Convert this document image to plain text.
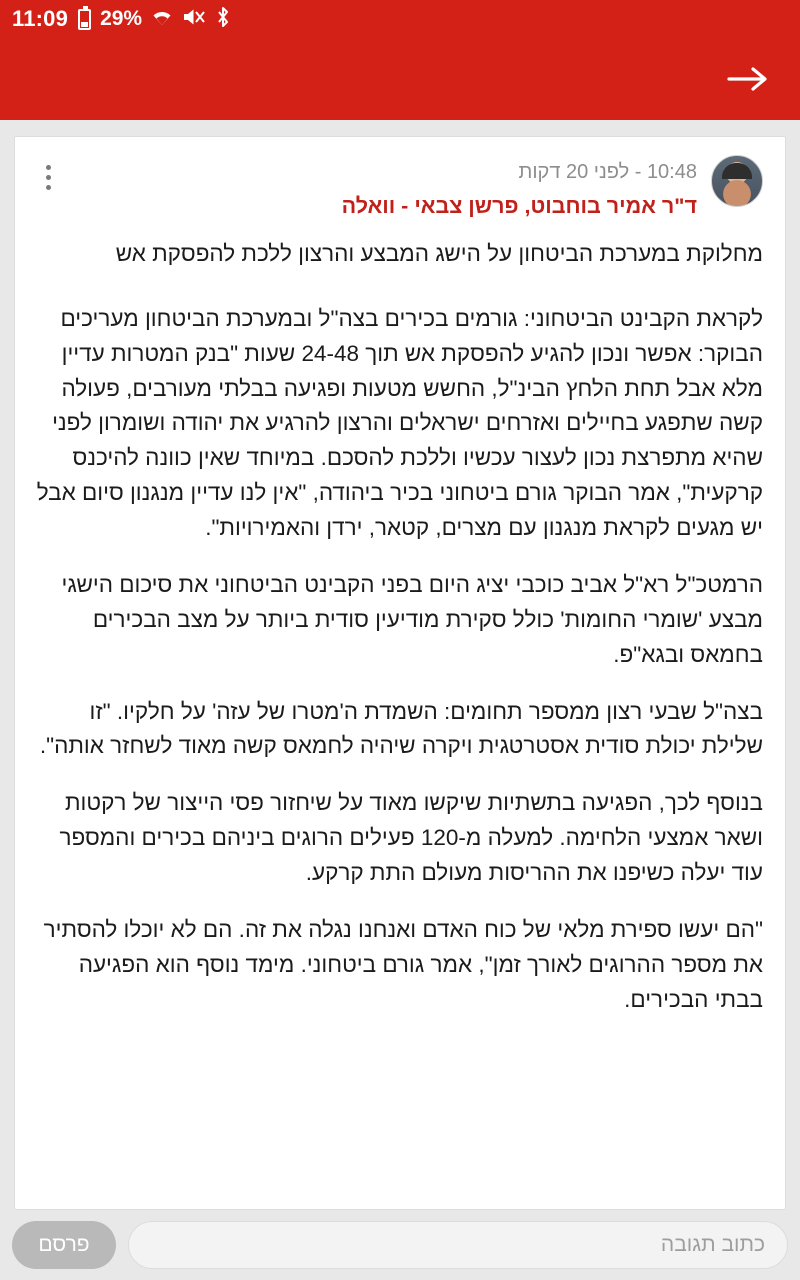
11:09 29%
10:48 - לפני 20 דקות
ד"ר אמיר בוחבוט, פרשן צבאי - וואלה

מחלוקת במערכת הביטחון על הישג המבצע והרצון ללכת להפסקת אש

לקראת הקבינט הביטחוני: גורמים בכירים בצה"ל ובמערכת הביטחון מעריכים הבוקר: אפשר ונכון להגיע להפסקת אש תוך 24-48 שעות "בנק המטרות עדיין מלא אבל תחת הלחץ הבינ"ל, החשש מטעות ופגיעה בבלתי מעורבים, פעולה קשה שתפגע בחיילים ואזרחים ישראלים והרצון להרגיע את יהודה ושומרון לפני שהיא מתפרצת נכון לעצור עכשיו וללכת להסכם. במיוחד שאין כוונה להיכנס קרקעית", אמר הבוקר גורם ביטחוני בכיר ביהודה, "אין לנו עדיין מנגנון סיום אבל יש מגעים לקראת מנגנון עם מצרים, קטאר, ירדן והאמירויות".

הרמטכ"ל רא"ל אביב כוכבי יציג היום בפני הקבינט הביטחוני את סיכום הישגי מבצע 'שומרי החומות' כולל סקירת מודיעין סודית ביותר על מצב הבכירים בחמאס ובגא"פ.

בצה"ל שבעי רצון ממספר תחומים: השמדת ה'מטרו של עזה' על חלקיו. "זו שלילת יכולת סודית אסטרטגית ויקרה שיהיה לחמאס קשה מאוד לשחזר אותה".

בנוסף לכך, הפגיעה בתשתיות שיקשו מאוד על שיחזור פסי הייצור של רקטות ושאר אמצעי הלחימה. למעלה מ-120 פעילים הרוגים ביניהם בכירים והמספר עוד יעלה כשיפנו את ההריסות מעולם התת קרקע.

"הם יעשו ספירת מלאי של כוח האדם ואנחנו נגלה את זה. הם לא יוכלו להסתיר את מספר ההרוגים לאורך זמן", אמר גורם ביטחוני. מימד נוסף הוא הפגיעה בבתי הבכירים.

כתוב תגובה
פרסם
